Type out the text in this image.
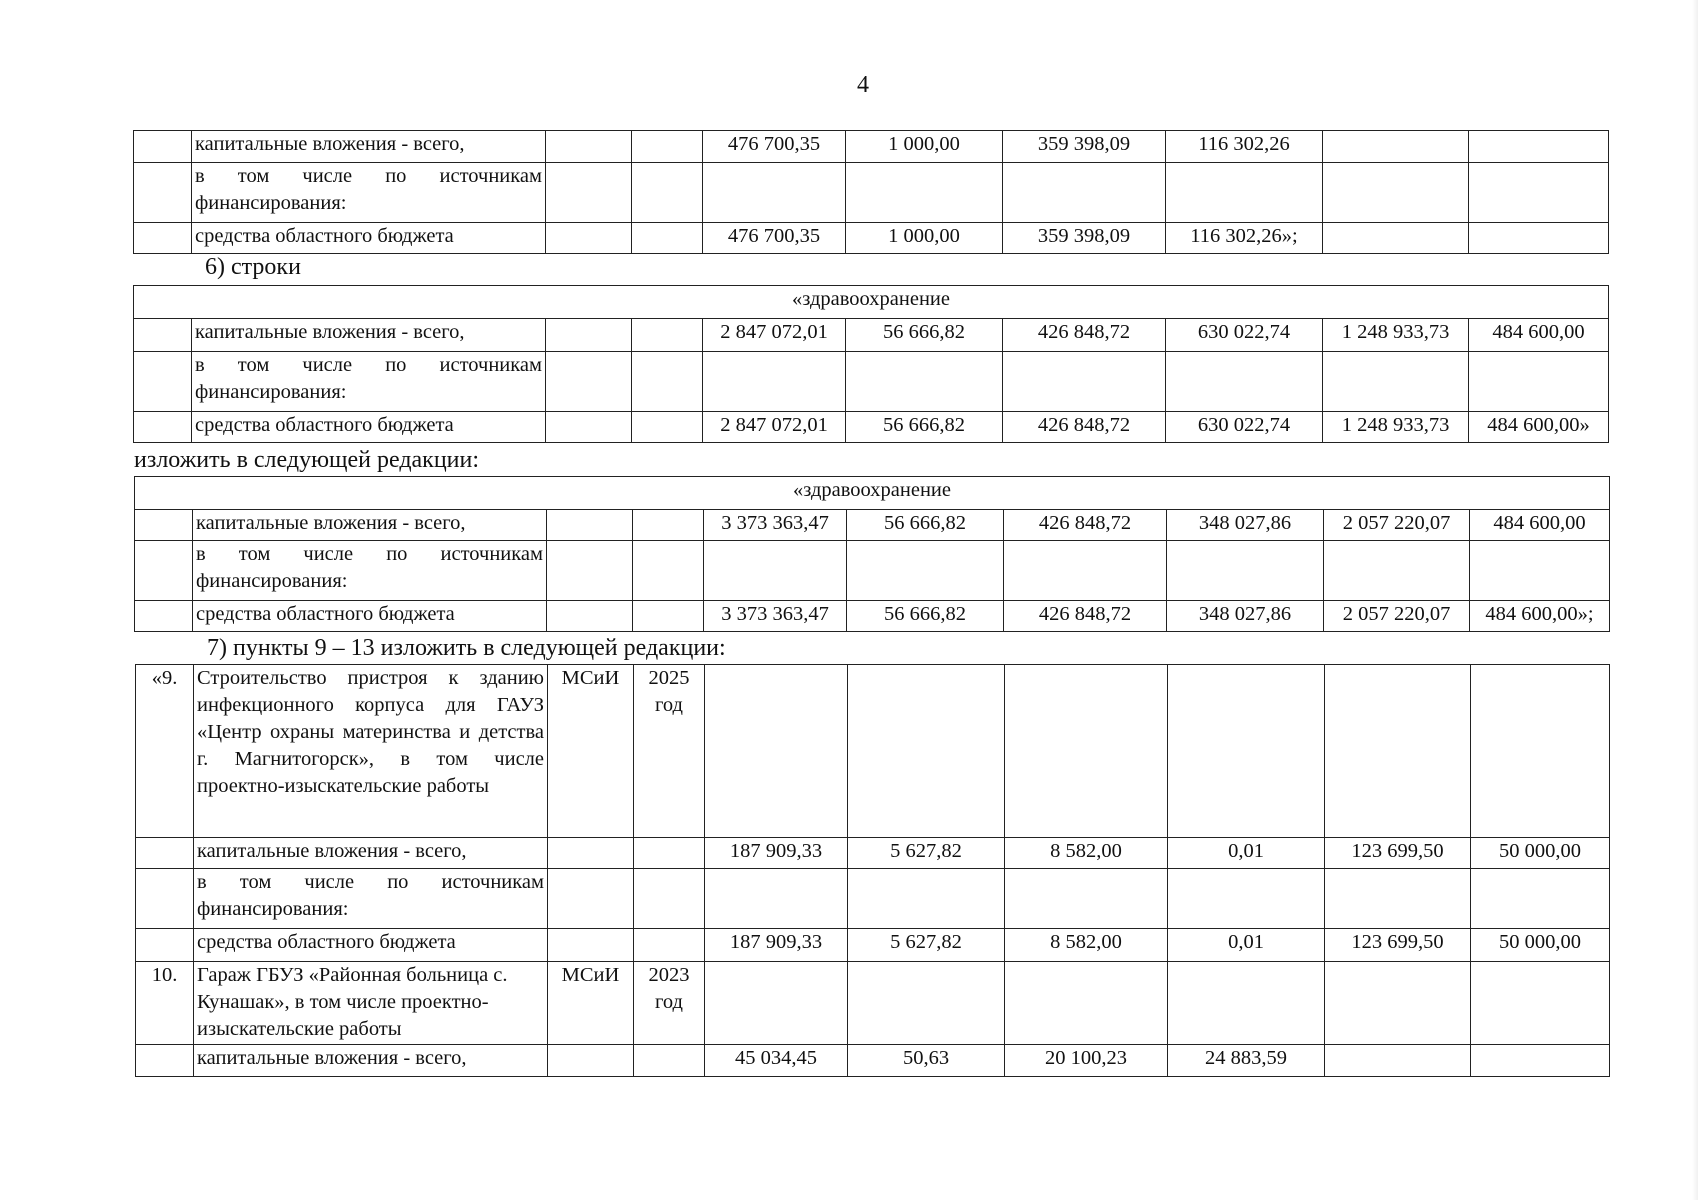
4
	капитальные вложения - всего,			476 700,35	1 000,00	359 398,09	116 302,26		
	в том числе по источникам финансирования:								
	средства областного бюджета			476 700,35	1 000,00	359 398,09	116 302,26»;		
6) строки
«здравоохранение									
	капитальные вложения - всего,			2 847 072,01	56 666,82	426 848,72	630 022,74	1 248 933,73	484 600,00
	в том числе по источникам финансирования:								
	средства областного бюджета			2 847 072,01	56 666,82	426 848,72	630 022,74	1 248 933,73	484 600,00»
изложить в следующей редакции:
«здравоохранение									
	капитальные вложения - всего,			3 373 363,47	56 666,82	426 848,72	348 027,86	2 057 220,07	484 600,00
	в том числе по источникам финансирования:								
	средства областного бюджета			3 373 363,47	56 666,82	426 848,72	348 027,86	2 057 220,07	484 600,00»;
7) пункты 9 – 13 изложить в следующей редакции:
«9.	Строительство пристроя к зданию инфекционного корпуса для ГАУЗ «Центр охраны материнства и детства г. Магнитогорск», в том числе проектно-изыскательские работы	МСиИ	2025 год						
	капитальные вложения - всего,			187 909,33	5 627,82	8 582,00	0,01	123 699,50	50 000,00
	в том числе по источникам финансирования:								
	средства областного бюджета			187 909,33	5 627,82	8 582,00	0,01	123 699,50	50 000,00
10.	Гараж ГБУЗ «Районная больница с. Кунашак», в том числе проектно-изыскательские работы	МСиИ	2023 год						
	капитальные вложения - всего,			45 034,45	50,63	20 100,23	24 883,59		
